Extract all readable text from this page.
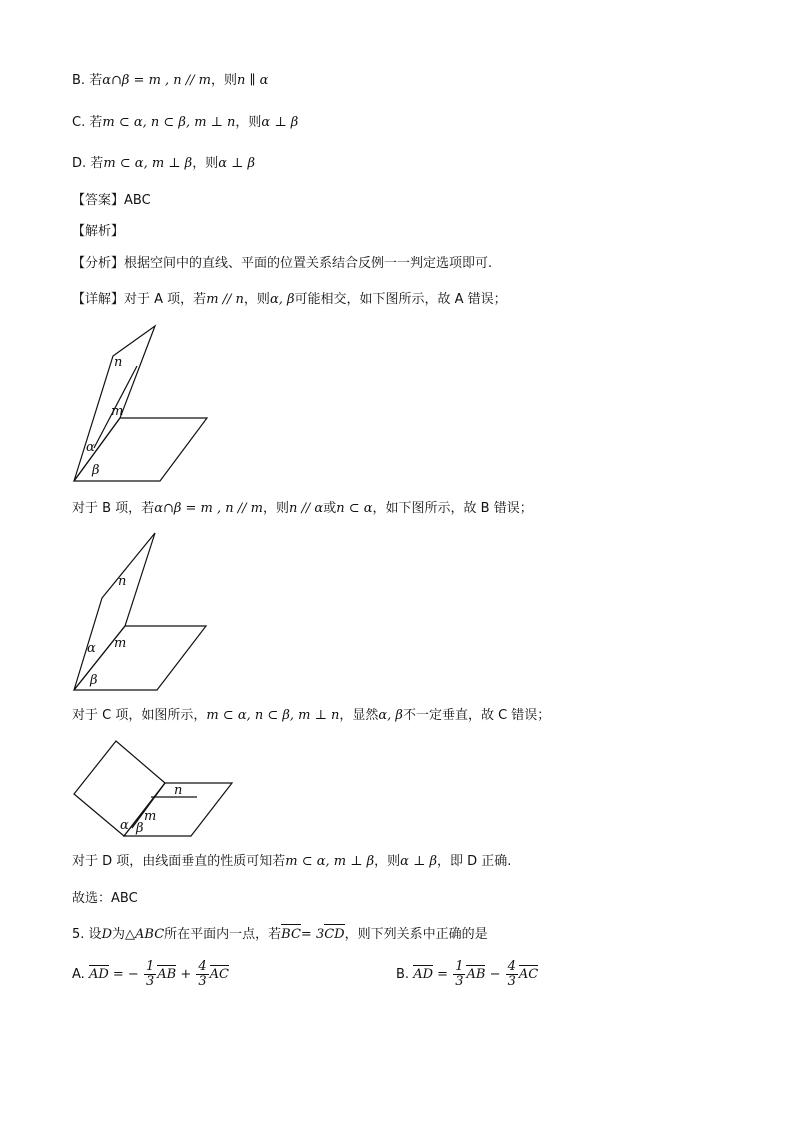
B. 若α∩β = m , n // m，则n ∥ α
C. 若m ⊂ α, n ⊂ β, m ⊥ n，则α ⊥ β
D. 若m ⊂ α, m ⊥ β，则α ⊥ β
【答案】ABC
【解析】
【分析】根据空间中的直线、平面的位置关系结合反例一一判定选项即可.
【详解】对于 A 项，若m // n，则α, β可能相交，如下图所示，故 A 错误；
n
m
α
β
对于 B 项，若α∩β = m , n // m，则n // α或n ⊂ α，如下图所示，故 B 错误；
n
m
α
β
对于 C 项，如图所示，m ⊂ α, n ⊂ β, m ⊥ n，显然α, β不一定垂直，故 C 错误；
n
m
α β
对于 D 项，由线面垂直的性质可知若m ⊂ α, m ⊥ β，则α ⊥ β，即 D 正确.
故选：ABC
5. 设D为△ABC所在平面内一点，若BC= 3CD，则下列关系中正确的是
A. AD = − $\frac{1}{3}$ AB + $\frac{4}{3}$ AC	B. AD = $\frac{1}{3}$ AB − $\frac{4}{3}$ AC
